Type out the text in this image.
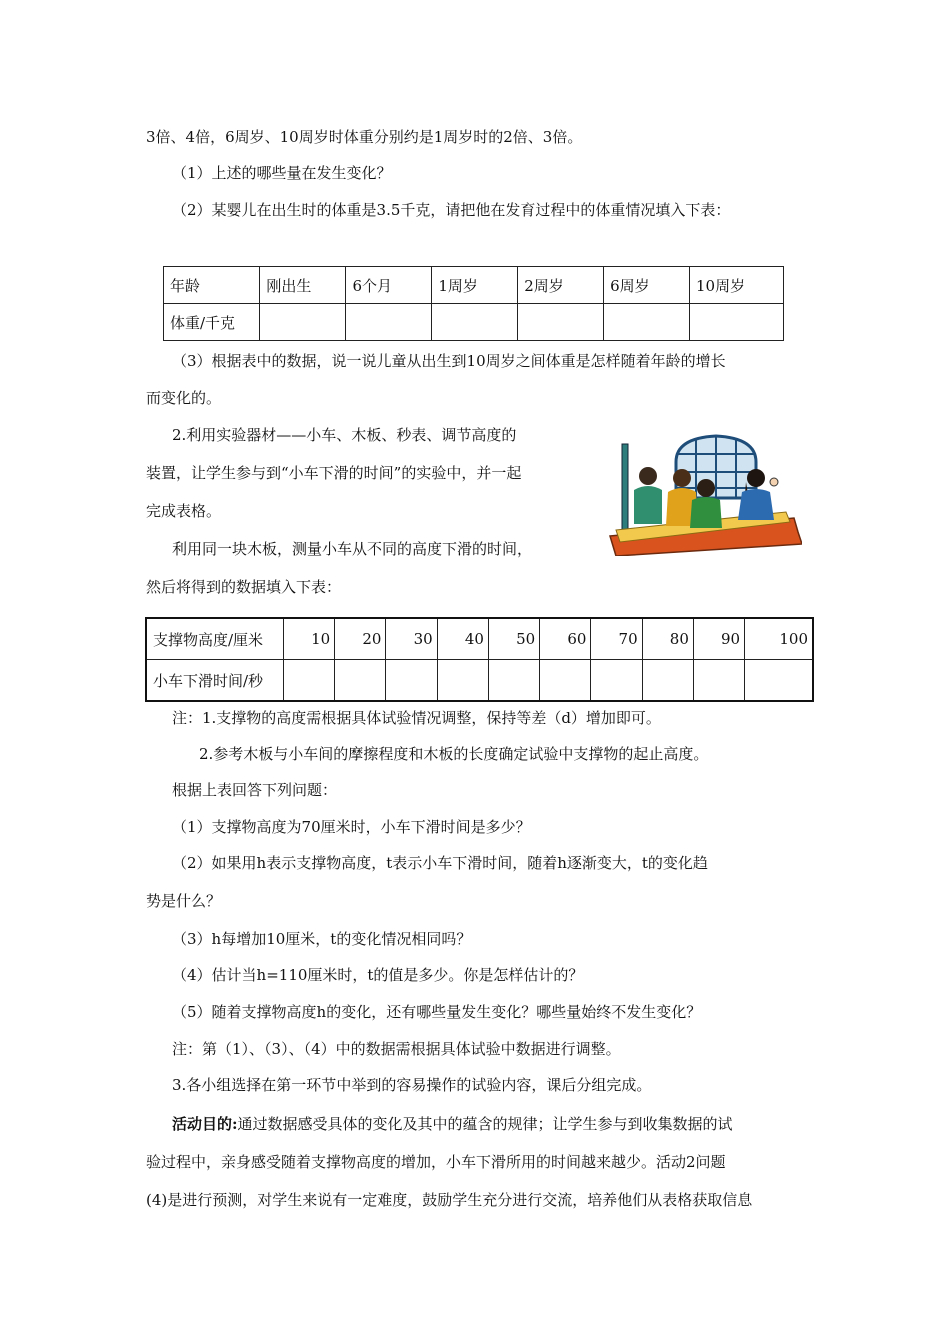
3倍、4倍，6周岁、10周岁时体重分别约是1周岁时的2倍、3倍。
（1）上述的哪些量在发生变化？
（2）某婴儿在出生时的体重是3.5千克，请把他在发育过程中的体重情况填入下表：
年龄	刚出生	6个月	1周岁	2周岁	6周岁	10周岁
体重/千克						
（3）根据表中的数据，说一说儿童从出生到10周岁之间体重是怎样随着年龄的增长
而变化的。
2.利用实验器材——小车、木板、秒表、调节高度的
装置，让学生参与到“小车下滑的时间”的实验中，并一起
完成表格。
利用同一块木板，测量小车从不同的高度下滑的时间，
然后将得到的数据填入下表：
支撑物高度/厘米	10	20	30	40	50	60	70	80	90	100
小车下滑时间/秒										
注：1.支撑物的高度需根据具体试验情况调整，保持等差（d）增加即可。
2.参考木板与小车间的摩擦程度和木板的长度确定试验中支撑物的起止高度。
根据上表回答下列问题：
（1）支撑物高度为70厘米时，小车下滑时间是多少？
（2）如果用h表示支撑物高度，t表示小车下滑时间，随着h逐渐变大，t的变化趋
势是什么？
（3）h每增加10厘米，t的变化情况相同吗？
（4）估计当h=110厘米时，t的值是多少。你是怎样估计的？
（5）随着支撑物高度h的变化，还有哪些量发生变化？哪些量始终不发生变化？
注：第（1）、（3）、（4）中的数据需根据具体试验中数据进行调整。
3.各小组选择在第一环节中举到的容易操作的试验内容，课后分组完成。
活动目的:通过数据感受具体的变化及其中的蕴含的规律；让学生参与到收集数据的试
验过程中，亲身感受随着支撑物高度的增加，小车下滑所用的时间越来越少。活动2问题
(4)是进行预测，对学生来说有一定难度，鼓励学生充分进行交流，培养他们从表格获取信息
